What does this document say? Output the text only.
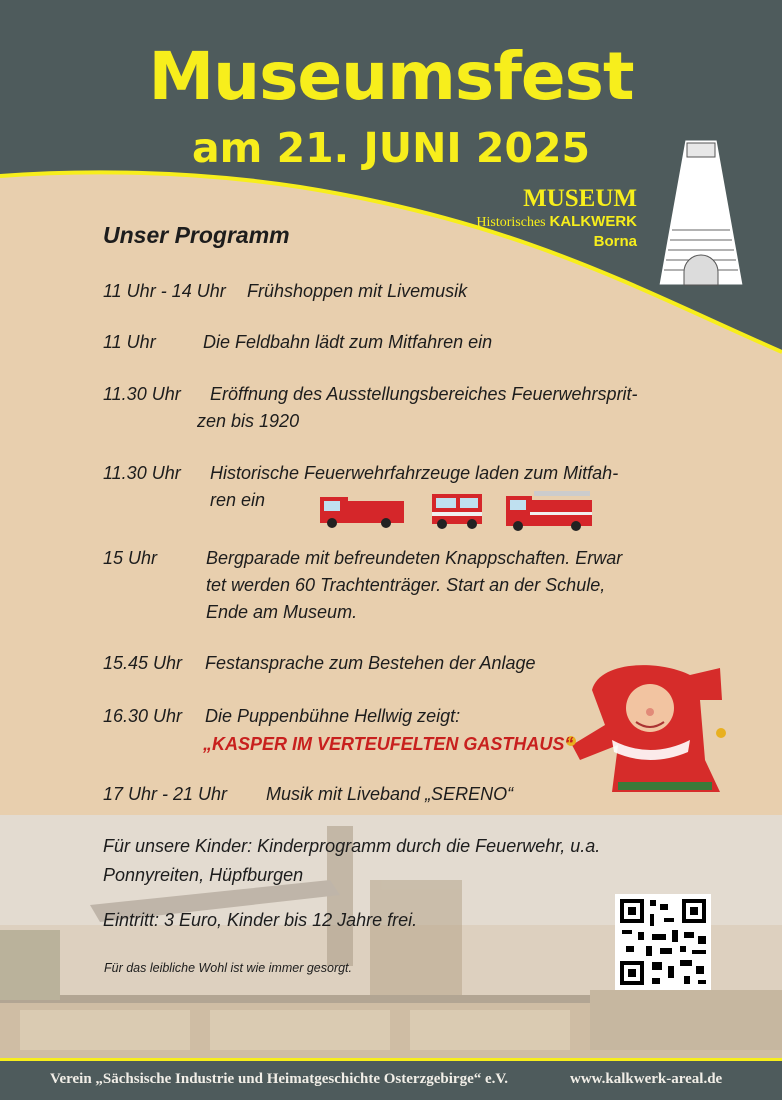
Museumsfest
am 21. JUNI 2025
MUSEUM
Historisches KALKWERK
Borna
Unser Programm
11 Uhr - 14 Uhr Frühshoppen mit Livemusik
11 Uhr	Die Feldbahn lädt zum Mitfahren ein
11.30 Uhr Eröffnung des Ausstellungsbereiches Feuerwehrsprit-
zen bis 1920
11.30 Uhr Historische Feuerwehrfahrzeuge laden zum Mitfah-
ren ein
15 Uhr	Bergparade mit befreundeten Knappschaften. Erwar
tet werden 60 Trachtenträger. Start an der Schule,
Ende am Museum.
15.45 Uhr Festansprache zum Bestehen der Anlage
16.30 Uhr Die Puppenbühne Hellwig zeigt:
„KASPER IM VERTEUFELTEN GASTHAUS“
17 Uhr - 21 Uhr Musik mit Liveband „SERENO“
Für unsere Kinder: Kinderprogramm durch die Feuerwehr, u.a.
Ponnyreiten, Hüpfburgen
Eintritt: 3 Euro, Kinder bis 12 Jahre frei.
Für das leibliche Wohl ist wie immer gesorgt.
Verein „Sächsische Industrie und Heimatgeschichte Osterzgebirge“ e.V.	www.kalkwerk-areal.de
